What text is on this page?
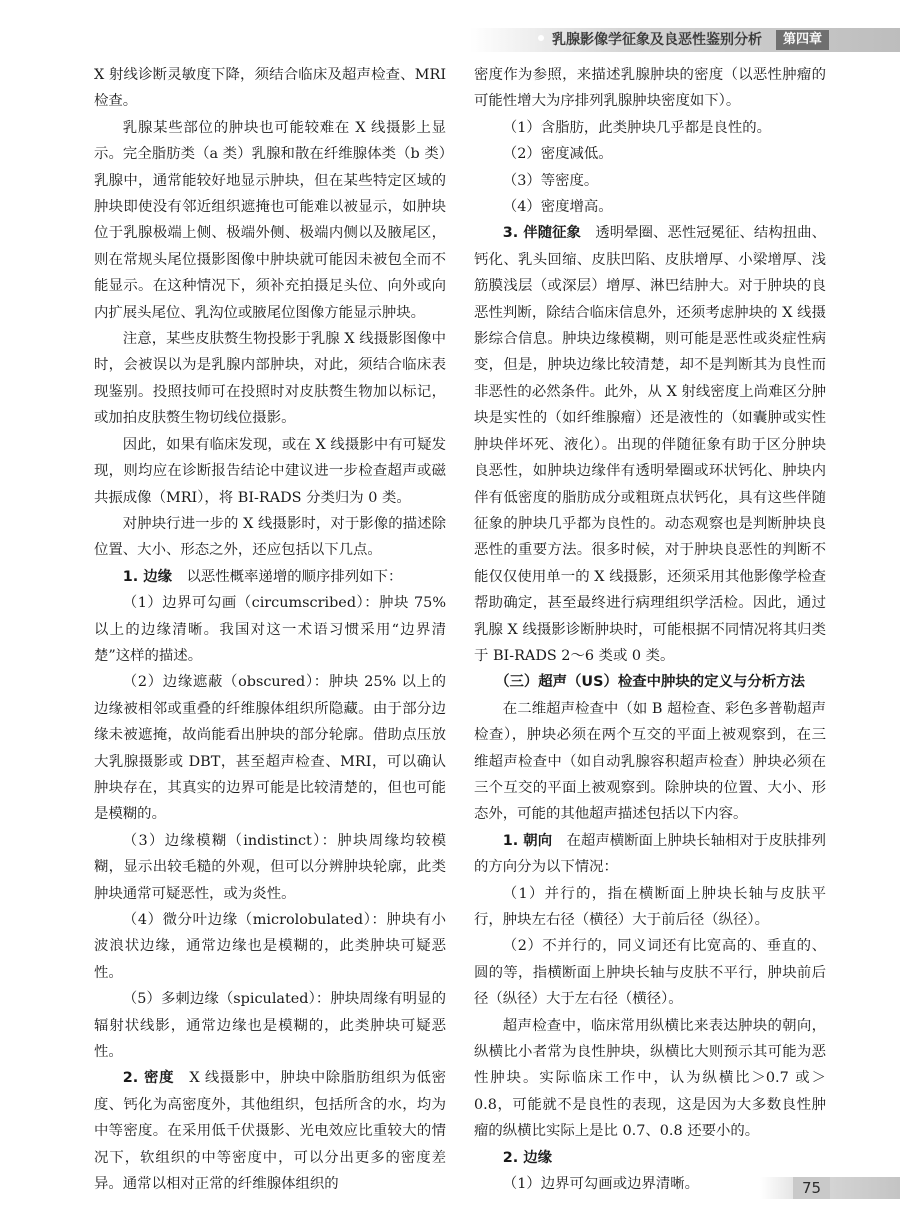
乳腺影像学征象及良恶性鉴别分析	第四章

X 射线诊断灵敏度下降，须结合临床及超声检查、MRI 检查。

乳腺某些部位的肿块也可能较难在 X 线摄影上显示。完全脂肪类（a 类）乳腺和散在纤维腺体类（b 类）乳腺中，通常能较好地显示肿块，但在某些特定区域的肿块即使没有邻近组织遮掩也可能难以被显示，如肿块位于乳腺极端上侧、极端外侧、极端内侧以及腋尾区，则在常规头尾位摄影图像中肿块就可能因未被包全而不能显示。在这种情况下，须补充拍摄足头位、向外或向内扩展头尾位、乳沟位或腋尾位图像方能显示肿块。

注意，某些皮肤赘生物投影于乳腺 X 线摄影图像中时，会被误以为是乳腺内部肿块，对此，须结合临床表现鉴别。投照技师可在投照时对皮肤赘生物加以标记，或加拍皮肤赘生物切线位摄影。

因此，如果有临床发现，或在 X 线摄影中有可疑发现，则均应在诊断报告结论中建议进一步检查超声或磁共振成像（MRI），将 BI-RADS 分类归为 0 类。

对肿块行进一步的 X 线摄影时，对于影像的描述除位置、大小、形态之外，还应包括以下几点。

1. 边缘　以恶性概率递增的顺序排列如下：

（1）边界可勾画（circumscribed）：肿块 75% 以上的边缘清晰。我国对这一术语习惯采用“边界清楚”这样的描述。

（2）边缘遮蔽（obscured）：肿块 25% 以上的边缘被相邻或重叠的纤维腺体组织所隐藏。由于部分边缘未被遮掩，故尚能看出肿块的部分轮廓。借助点压放大乳腺摄影或 DBT，甚至超声检查、MRI，可以确认肿块存在，其真实的边界可能是比较清楚的，但也可能是模糊的。

（3）边缘模糊（indistinct）：肿块周缘均较模糊，显示出较毛糙的外观，但可以分辨肿块轮廓，此类肿块通常可疑恶性，或为炎性。

（4）微分叶边缘（microlobulated）：肿块有小波浪状边缘，通常边缘也是模糊的，此类肿块可疑恶性。

（5）多刺边缘（spiculated）：肿块周缘有明显的辐射状线影，通常边缘也是模糊的，此类肿块可疑恶性。

2. 密度　X 线摄影中，肿块中除脂肪组织为低密度、钙化为高密度外，其他组织，包括所含的水，均为中等密度。在采用低千伏摄影、光电效应比重较大的情况下，软组织的中等密度中，可以分出更多的密度差异。通常以相对正常的纤维腺体组织的

密度作为参照，来描述乳腺肿块的密度（以恶性肿瘤的可能性增大为序排列乳腺肿块密度如下）。

（1）含脂肪，此类肿块几乎都是良性的。

（2）密度减低。

（3）等密度。

（4）密度增高。

3. 伴随征象　透明晕圈、恶性冠冕征、结构扭曲、钙化、乳头回缩、皮肤凹陷、皮肤增厚、小梁增厚、浅筋膜浅层（或深层）增厚、淋巴结肿大。对于肿块的良恶性判断，除结合临床信息外，还须考虑肿块的 X 线摄影综合信息。肿块边缘模糊，则可能是恶性或炎症性病变，但是，肿块边缘比较清楚，却不是判断其为良性而非恶性的必然条件。此外，从 X 射线密度上尚难区分肿块是实性的（如纤维腺瘤）还是液性的（如囊肿或实性肿块伴坏死、液化）。出现的伴随征象有助于区分肿块良恶性，如肿块边缘伴有透明晕圈或环状钙化、肿块内伴有低密度的脂肪成分或粗斑点状钙化，具有这些伴随征象的肿块几乎都为良性的。动态观察也是判断肿块良恶性的重要方法。很多时候，对于肿块良恶性的判断不能仅仅使用单一的 X 线摄影，还须采用其他影像学检查帮助确定，甚至最终进行病理组织学活检。因此，通过乳腺 X 线摄影诊断肿块时，可能根据不同情况将其归类于 BI-RADS 2～6 类或 0 类。

（三）超声（US）检查中肿块的定义与分析方法

在二维超声检查中（如 B 超检查、彩色多普勒超声检查），肿块必须在两个互交的平面上被观察到，在三维超声检查中（如自动乳腺容积超声检查）肿块必须在三个互交的平面上被观察到。除肿块的位置、大小、形态外，可能的其他超声描述包括以下内容。

1. 朝向　在超声横断面上肿块长轴相对于皮肤排列的方向分为以下情况：

（1）并行的，指在横断面上肿块长轴与皮肤平行，肿块左右径（横径）大于前后径（纵径）。

（2）不并行的，同义词还有比宽高的、垂直的、圆的等，指横断面上肿块长轴与皮肤不平行，肿块前后径（纵径）大于左右径（横径）。

超声检查中，临床常用纵横比来表达肿块的朝向，纵横比小者常为良性肿块，纵横比大则预示其可能为恶性肿块。实际临床工作中，认为纵横比＞0.7 或＞0.8，可能就不是良性的表现，这是因为大多数良性肿瘤的纵横比实际上是比 0.7、0.8 还要小的。

2. 边缘

（1）边界可勾画或边界清晰。	75
